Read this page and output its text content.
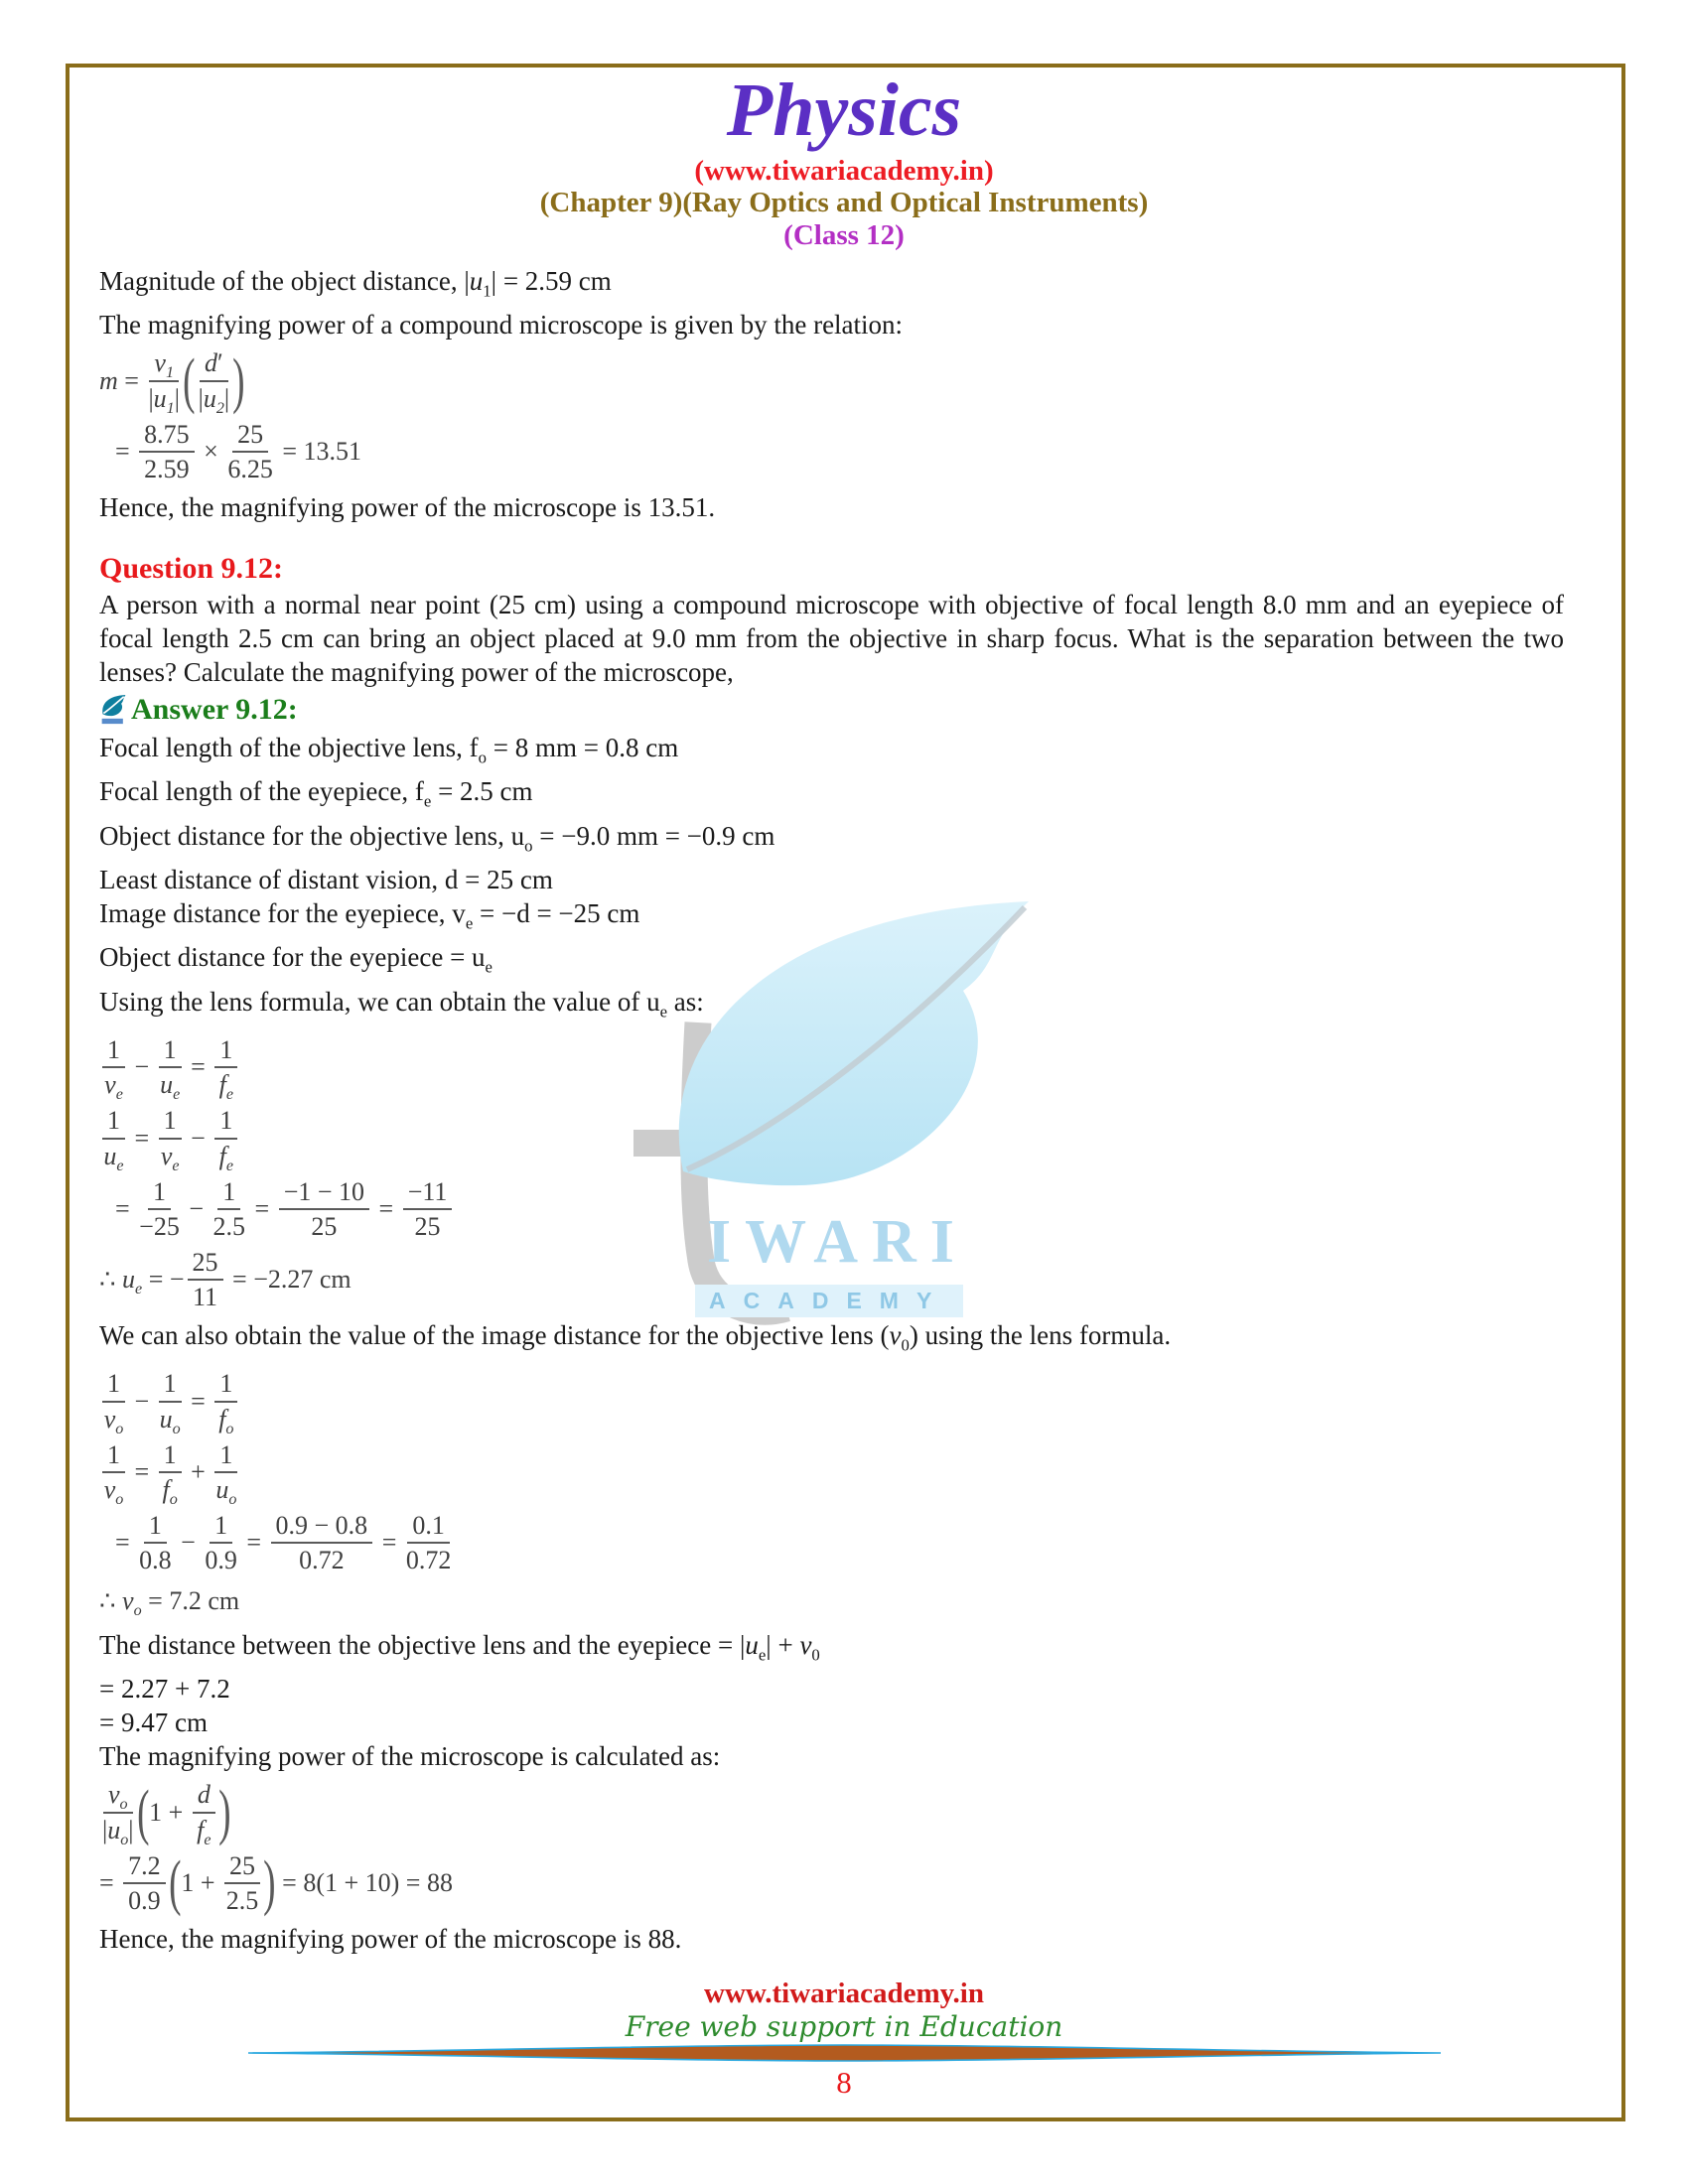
IWARI
ACADEMY
Physics
(www.tiwariacademy.in)
(Chapter 9)(Ray Optics and Optical Instruments)
(Class 12)
Magnitude of the object distance, $|u_1| = 2.59$ cm
The magnifying power of a compound microscope is given by the relation:
$m = \frac{v_1}{|u_1|}$ ( $\frac{d'}{|u_2|}$ )
= $\frac{8.75}{2.59} \times \frac{25}{6.25} = 13.51$
Hence, the magnifying power of the microscope is 13.51.
Question 9.12:

A person with a normal near point (25 cm) using a compound microscope with objective of focal length 8.0 mm and an eyepiece of focal length 2.5 cm can bring an object placed at 9.0 mm from the objective in sharp focus. What is the separation between the two lenses? Calculate the magnifying power of the microscope,

Answer 9.12:
Focal length of the objective lens, $f_o = 8$ mm = 0.8 cm
Focal length of the eyepiece, $f_e = 2.5$ cm
Object distance for the objective lens, $u_o = -9.0$ mm = −0.9 cm
Least distance of distant vision, d = 25 cm
Image distance for the eyepiece, $v_e = -d = -25$ cm
Object distance for the eyepiece = $u_e$
Using the lens formula, we can obtain the value of $u_e$ as:
$\frac{1}{v_e} - \frac{1}{u_e} = \frac{1}{f_e}$
$\frac{1}{u_e} = \frac{1}{v_e} - \frac{1}{f_e}$
= $\frac{1}{-25} - \frac{1}{2.5} = \frac{-1 - 10}{25} = \frac{-11}{25}$
∴ $u_e$ = − $\frac{25}{11} = -2.27$ cm
We can also obtain the value of the image distance for the objective lens $(v_0)$ using the lens formula.
$\frac{1}{v_o} - \frac{1}{u_o} = \frac{1}{f_o}$
$\frac{1}{v_o} = \frac{1}{f_o} + \frac{1}{u_o}$
= $\frac{1}{0.8} - \frac{1}{0.9} = \frac{0.9 - 0.8}{0.72} = \frac{0.1}{0.72}$
∴ $v_o = 7.2$ cm
The distance between the objective lens and the eyepiece = $|u_e| + v_0$
= 2.27 + 7.2
= 9.47 cm
The magnifying power of the microscope is calculated as:
$\frac{v_o}{|u_o|}$ ( $1 + \frac{d}{f_e}$ )
= $\frac{7.2}{0.9}$ ( $1 + \frac{25}{2.5}$ ) = 8(1 + 10) = 88
Hence, the magnifying power of the microscope is 88.
www.tiwariacademy.in
Free web support in Education
8
